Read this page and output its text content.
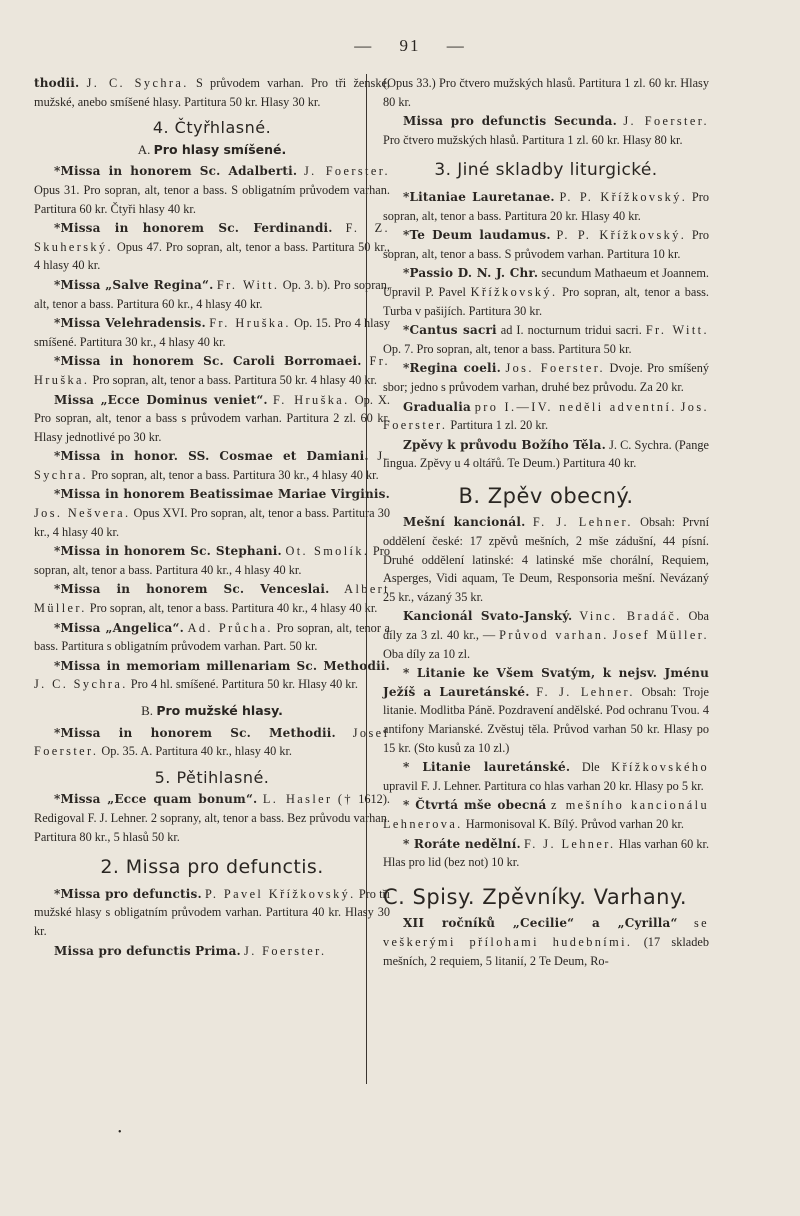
— 91 —

thodii. J. C. Sychra. S průvodem varhan. Pro tři ženské, mužské, anebo smíšené hlasy. Partitura 50 kr. Hlasy 30 kr.

4. Čtyřhlasné.
A. Pro hlasy smíšené.

*Missa in honorem Sc. Adalberti. J. Foerster. Opus 31. Pro sopran, alt, tenor a bass. S obligatním průvodem varhan. Partitura 60 kr. Čtyři hlasy 40 kr.

*Missa in honorem Sc. Ferdinandi. F. Z. Skuherský. Opus 47. Pro sopran, alt, tenor a bass. Partitura 50 kr., 4 hlasy 40 kr.

*Missa „Salve Regina“. Fr. Witt. Op. 3. b). Pro sopran, alt, tenor a bass. Partitura 60 kr., 4 hlasy 40 kr.

*Missa Velehradensis. Fr. Hruška. Op. 15. Pro 4 hlasy smíšené. Partitura 30 kr., 4 hlasy 40 kr.

*Missa in honorem Sc. Caroli Borromaei. Fr. Hruška. Pro sopran, alt, tenor a bass. Partitura 50 kr. 4 hlasy 40 kr.

Missa „Ecce Dominus veniet“. F. Hruška. Op. X. Pro sopran, alt, tenor a bass s průvodem varhan. Partitura 2 zl. 60 kr. Hlasy jednotlivé po 30 kr.

*Missa in honor. SS. Cosmae et Damiani. J. Sychra. Pro sopran, alt, tenor a bass. Partitura 30 kr., 4 hlasy 40 kr.

*Missa in honorem Beatissimae Mariae Virginis. Jos. Nešvera. Opus XVI. Pro sopran, alt, tenor a bass. Partitura 30 kr., 4 hlasy 40 kr.

*Missa in honorem Sc. Stephani. Ot. Smolík. Pro sopran, alt, tenor a bass. Partitura 40 kr., 4 hlasy 40 kr.

*Missa in honorem Sc. Venceslai. Albert Müller. Pro sopran, alt, tenor a bass. Partitura 40 kr., 4 hlasy 40 kr.

*Missa „Angelica“. Ad. Průcha. Pro sopran, alt, tenor a bass. Partitura s obligatním průvodem varhan. Part. 50 kr.

*Missa in memoriam millenariam Sc. Methodii. J. C. Sychra. Pro 4 hl. smíšené. Partitura 50 kr. Hlasy 40 kr.

B. Pro mužské hlasy.

*Missa in honorem Sc. Methodii. Josef Foerster. Op. 35. A. Partitura 40 kr., hlasy 40 kr.

5. Pětihlasné.

*Missa „Ecce quam bonum“. L. Hasler († 1612). Redigoval F. J. Lehner. 2 soprany, alt, tenor a bass. Bez průvodu varhan. Partitura 80 kr., 5 hlasů 50 kr.

2. Missa pro defunctis.

*Missa pro defunctis. P. Pavel Křížkovský. Pro tři mužské hlasy s obligatním průvodem varhan. Partitura 40 kr. Hlasy 30 kr.

Missa pro defunctis Prima. J. Foerster.

(Opus 33.) Pro čtvero mužských hlasů. Partitura 1 zl. 60 kr. Hlasy 80 kr.

Missa pro defunctis Secunda. J. Foerster. Pro čtvero mužských hlasů. Partitura 1 zl. 60 kr. Hlasy 80 kr.

3. Jiné skladby liturgické.

*Litaniae Lauretanae. P. P. Křížkovský. Pro sopran, alt, tenor a bass. Partitura 20 kr. Hlasy 40 kr.

*Te Deum laudamus. P. P. Křížkovský. Pro sopran, alt, tenor a bass. S průvodem varhan. Partitura 10 kr.

*Passio D. N. J. Chr. secundum Mathaeum et Joannem. Upravil P. Pavel Křížkovský. Pro sopran, alt, tenor a bass. Turba v pašijích. Partitura 30 kr.

*Cantus sacri ad I. nocturnum tridui sacri. Fr. Witt. Op. 7. Pro sopran, alt, tenor a bass. Partitura 50 kr.

*Regina coeli. Jos. Foerster. Dvoje. Pro smíšený sbor; jedno s průvodem varhan, druhé bez průvodu. Za 20 kr.

Gradualia pro I.—IV. neděli adventní. Jos. Foerster. Partitura 1 zl. 20 kr.

Zpěvy k průvodu Božího Těla. J. C. Sychra. (Pange lingua. Zpěvy u 4 oltářů. Te Deum.) Partitura 40 kr.

B. Zpěv obecný.

Mešní kancionál. F. J. Lehner. Obsah: První oddělení české: 17 zpěvů mešních, 2 mše zádušní, 44 písní. Druhé oddělení latinské: 4 latinské mše chorální, Requiem, Asperges, Vidi aquam, Te Deum, Responsoria mešní. Nevázaný 25 kr., vázaný 35 kr.

Kancionál Svato-Janský. Vinc. Bradáč. Oba díly za 3 zl. 40 kr., — Průvod varhan. Josef Müller. Oba díly za 10 zl.

* Litanie ke Všem Svatým, k nejsv. Jménu Ježíš a Lauretánské. F. J. Lehner. Obsah: Troje litanie. Modlitba Páně. Pozdravení andělské. Pod ochranu Tvou. 4 antifony Marianské. Zvěstuj těla. Průvod varhan 50 kr. Hlasy po 15 kr. (Sto kusů za 10 zl.)

* Litanie lauretánské. Dle Křížkovského upravil F. J. Lehner. Partitura co hlas varhan 20 kr. Hlasy po 5 kr.

* Čtvrtá mše obecná z mešního kancionálu Lehnerova. Harmonisoval K. Bílý. Průvod varhan 20 kr.

* Roráte nedělní. F. J. Lehner. Hlas varhan 60 kr. Hlas pro lid (bez not) 10 kr.

C. Spisy. Zpěvníky. Varhany.

XII ročníků „Cecilie“ a „Cyrilla“ se veškerými přílohami hudebními. (17 skladeb mešních, 2 requiem, 5 litanií, 2 Te Deum, Ro-

•
